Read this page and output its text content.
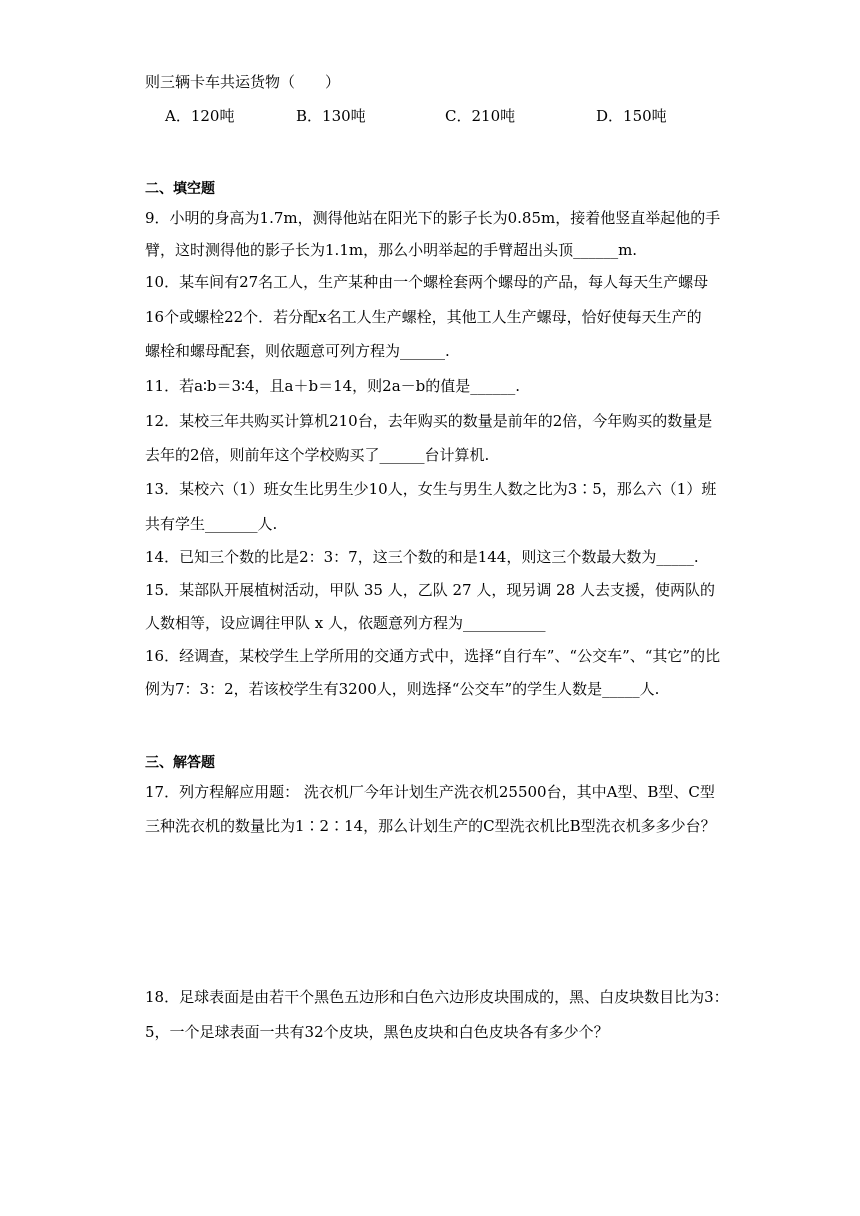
则三辆卡车共运货物（　　）
A．120吨	B．130吨	C．210吨	D．150吨
二、填空题
9．小明的身高为1.7m，测得他站在阳光下的影子长为0.85m，接着他竖直举起他的手
臂，这时测得他的影子长为1.1m，那么小明举起的手臂超出头顶______m.
10．某车间有27名工人，生产某种由一个螺栓套两个螺母的产品，每人每天生产螺母
16个或螺栓22个．若分配x名工人生产螺栓，其他工人生产螺母，恰好使每天生产的
螺栓和螺母配套，则依题意可列方程为______.
11．若a∶b＝3∶4，且a＋b＝14，则2a－b的值是______.
12．某校三年共购买计算机210台，去年购买的数量是前年的2倍，今年购买的数量是
去年的2倍，则前年这个学校购买了______台计算机.
13．某校六（1）班女生比男生少10人，女生与男生人数之比为3∶5，那么六（1）班
共有学生_______人.
14．已知三个数的比是2：3：7，这三个数的和是144，则这三个数最大数为_____.
15．某部队开展植树活动，甲队 35 人，乙队 27 人，现另调 28 人去支援，使两队的
人数相等，设应调往甲队 x 人，依题意列方程为___________
16．经调查，某校学生上学所用的交通方式中，选择“自行车”、“公交车”、“其它”的比
例为7：3：2，若该校学生有3200人，则选择“公交车”的学生人数是_____人.
三、解答题
17．列方程解应用题： 洗衣机厂今年计划生产洗衣机25500台，其中A型、B型、C型
三种洗衣机的数量比为1∶2∶14，那么计划生产的C型洗衣机比B型洗衣机多多少台？
18．足球表面是由若干个黑色五边形和白色六边形皮块围成的，黑、白皮块数目比为3：
5，一个足球表面一共有32个皮块，黑色皮块和白色皮块各有多少个？
